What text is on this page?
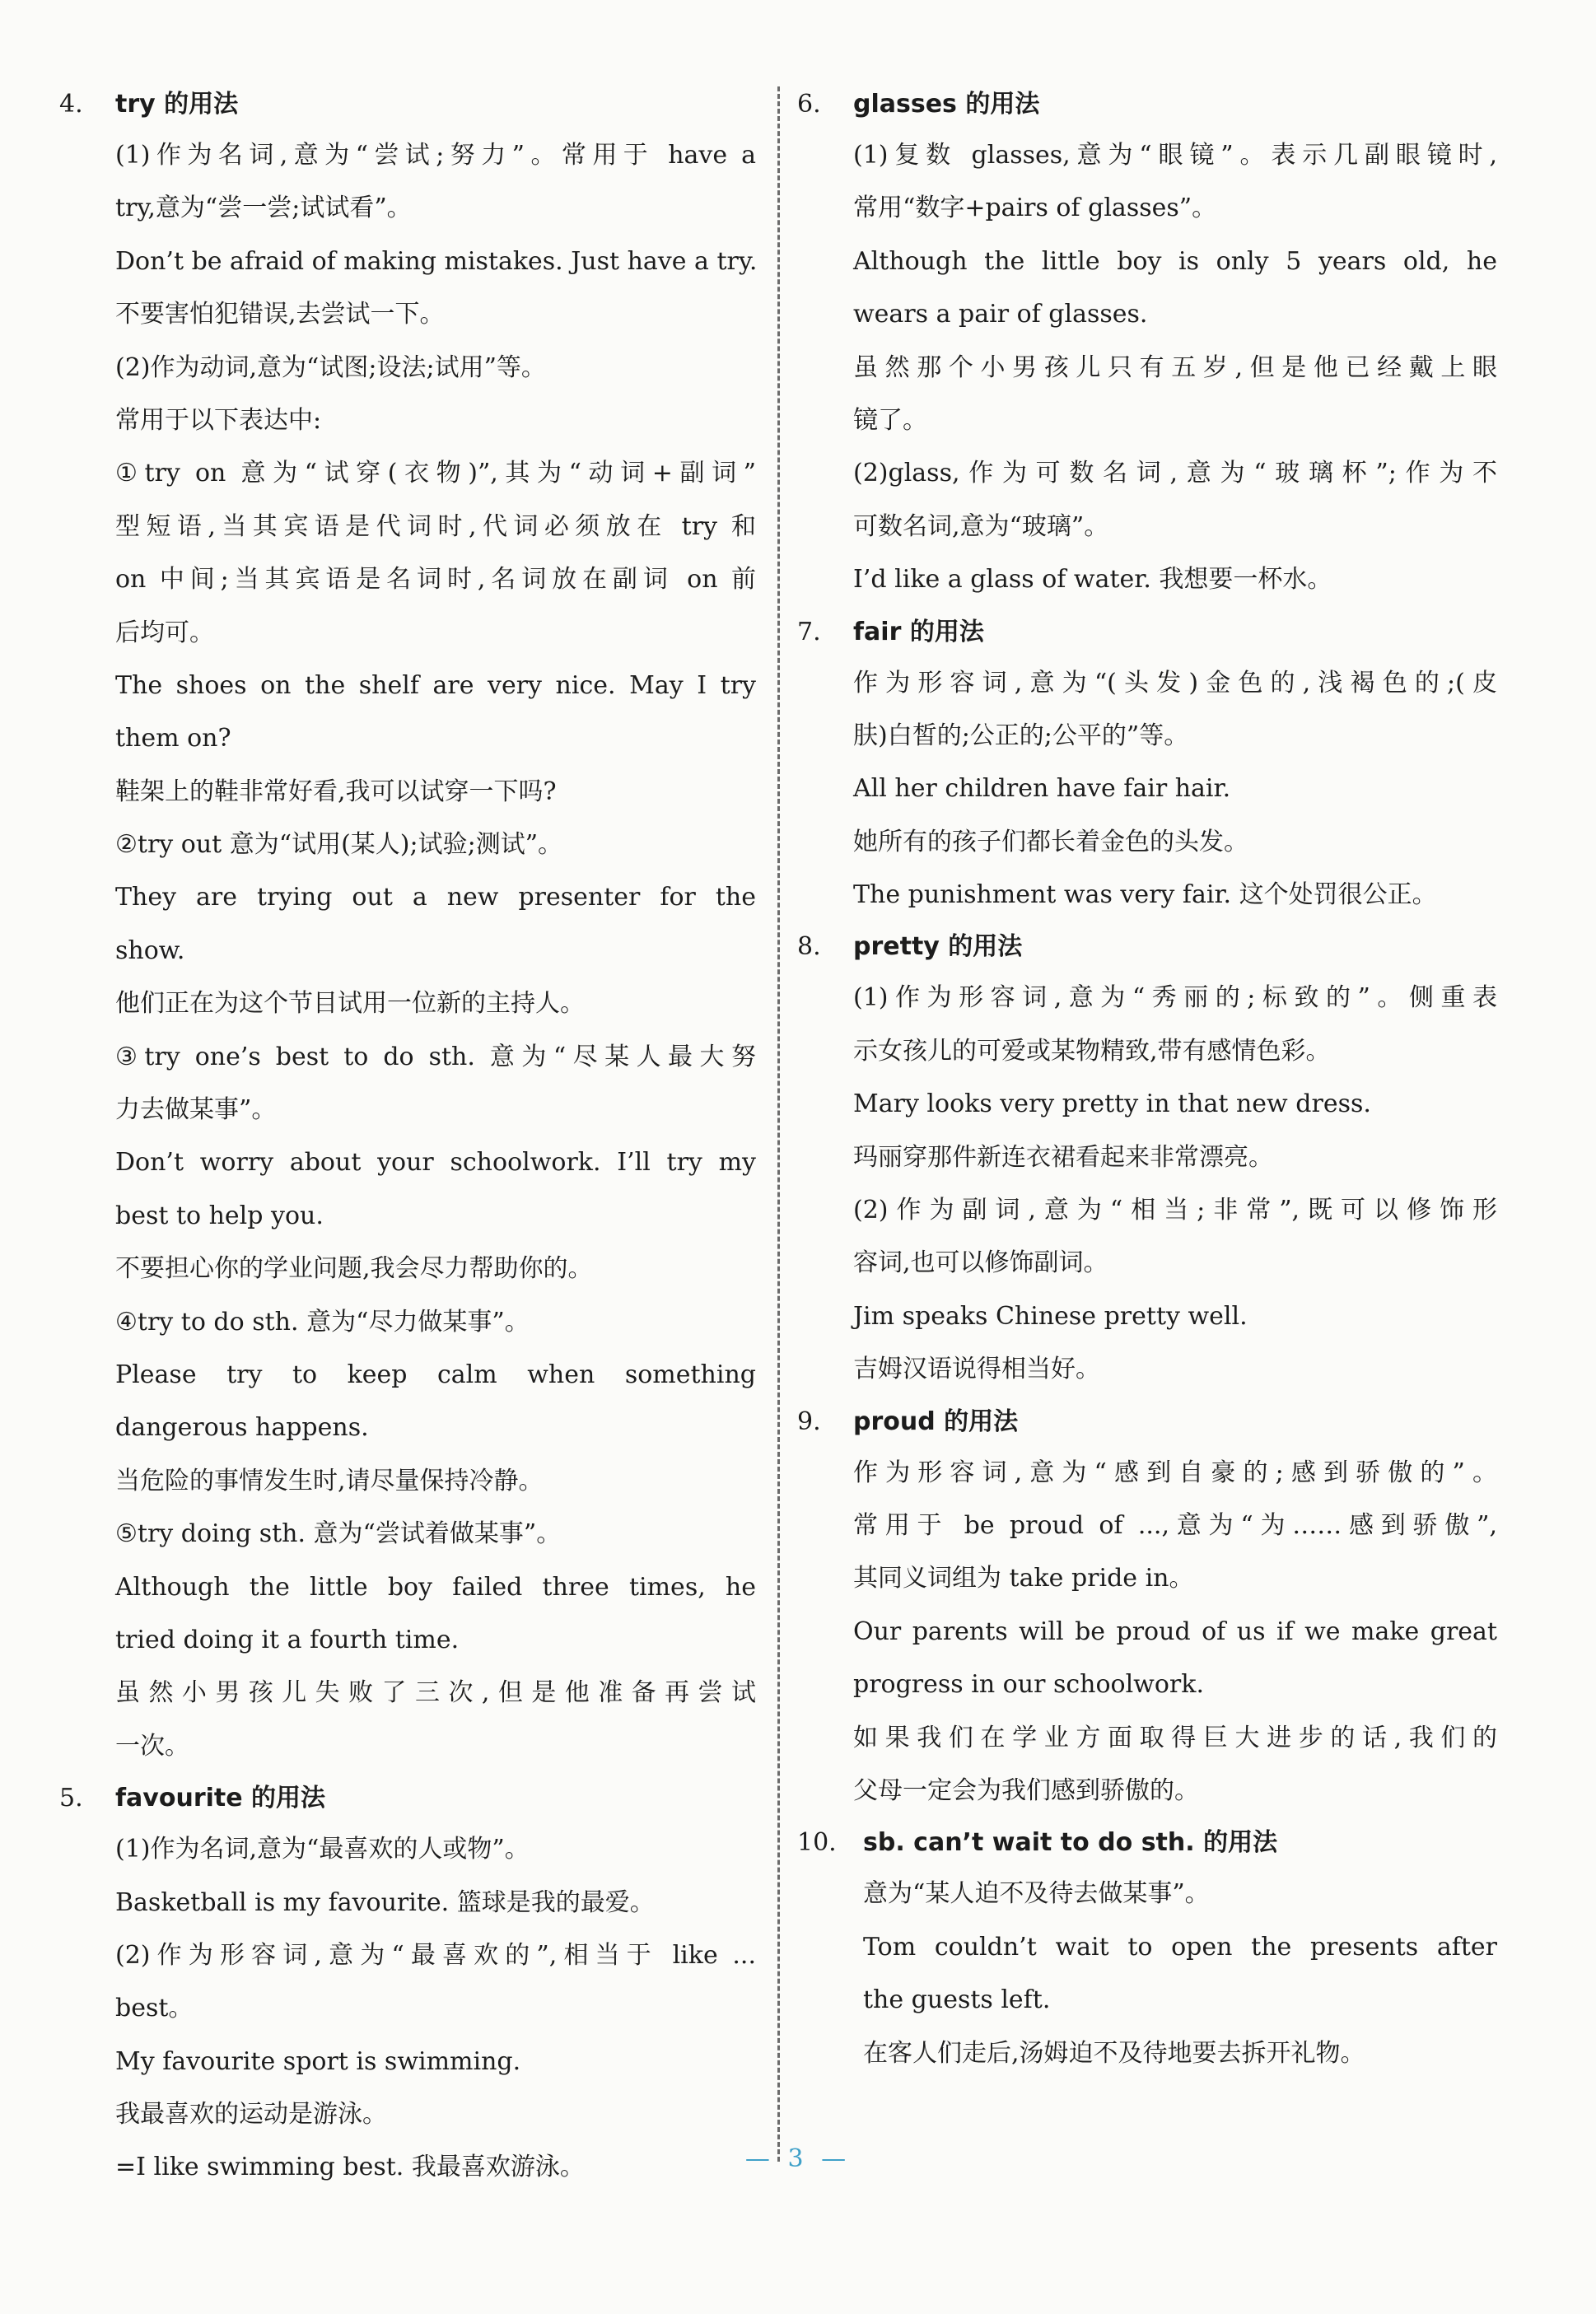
4.	try 的用法
(1)作为名词,意为“尝试;努力”。常用于 have a
try,意为“尝一尝;试试看”。
Don’t be afraid of making mistakes. Just have a try.
不要害怕犯错误,去尝试一下。
(2)作为动词,意为“试图;设法;试用”等。
常用于以下表达中:
①try on 意为“试穿(衣物)”,其为“动词+副词”
型短语,当其宾语是代词时,代词必须放在 try 和
on 中间;当其宾语是名词时,名词放在副词 on 前
后均可。
The shoes on the shelf are very nice. May I try
them on?
鞋架上的鞋非常好看,我可以试穿一下吗?
②try out 意为“试用(某人);试验;测试”。
They are trying out a new presenter for the
show.
他们正在为这个节目试用一位新的主持人。
③try one’s best to do sth. 意为“尽某人最大努
力去做某事”。
Don’t worry about your schoolwork. I’ll try my
best to help you.
不要担心你的学业问题,我会尽力帮助你的。
④try to do sth. 意为“尽力做某事”。
Please try to keep calm when something
dangerous happens.
当危险的事情发生时,请尽量保持冷静。
⑤try doing sth. 意为“尝试着做某事”。
Although the little boy failed three times, he
tried doing it a fourth time.
虽然小男孩儿失败了三次,但是他准备再尝试
一次。
5.	favourite 的用法
(1)作为名词,意为“最喜欢的人或物”。
Basketball is my favourite. 篮球是我的最爱。
(2)作为形容词,意为“最喜欢的”,相当于 like ...
best。
My favourite sport is swimming.
我最喜欢的运动是游泳。
=I like swimming best. 我最喜欢游泳。
6.	glasses 的用法
(1)复数 glasses,意为“眼镜”。表示几副眼镜时,
常用“数字+pairs of glasses”。
Although the little boy is only 5 years old, he
wears a pair of glasses.
虽然那个小男孩儿只有五岁,但是他已经戴上眼
镜了。
(2)glass,作为可数名词,意为“玻璃杯”;作为不
可数名词,意为“玻璃”。
I’d like a glass of water. 我想要一杯水。
7.	fair 的用法
作为形容词,意为“(头发)金色的,浅褐色的;(皮
肤)白皙的;公正的;公平的”等。
All her children have fair hair.
她所有的孩子们都长着金色的头发。
The punishment was very fair. 这个处罚很公正。
8.	pretty 的用法
(1)作为形容词,意为“秀丽的;标致的”。侧重表
示女孩儿的可爱或某物精致,带有感情色彩。
Mary looks very pretty in that new dress.
玛丽穿那件新连衣裙看起来非常漂亮。
(2)作为副词,意为“相当;非常”,既可以修饰形
容词,也可以修饰副词。
Jim speaks Chinese pretty well.
吉姆汉语说得相当好。
9.	proud 的用法
作为形容词,意为“感到自豪的;感到骄傲的”。
常用于 be proud of ...,意为“为……感到骄傲”,
其同义词组为 take pride in。
Our parents will be proud of us if we make great
progress in our schoolwork.
如果我们在学业方面取得巨大进步的话,我们的
父母一定会为我们感到骄傲的。
10.	sb. can’t wait to do sth. 的用法
意为“某人迫不及待去做某事”。
Tom couldn’t wait to open the presents after
the guests left.
在客人们走后,汤姆迫不及待地要去拆开礼物。
— 3 —
